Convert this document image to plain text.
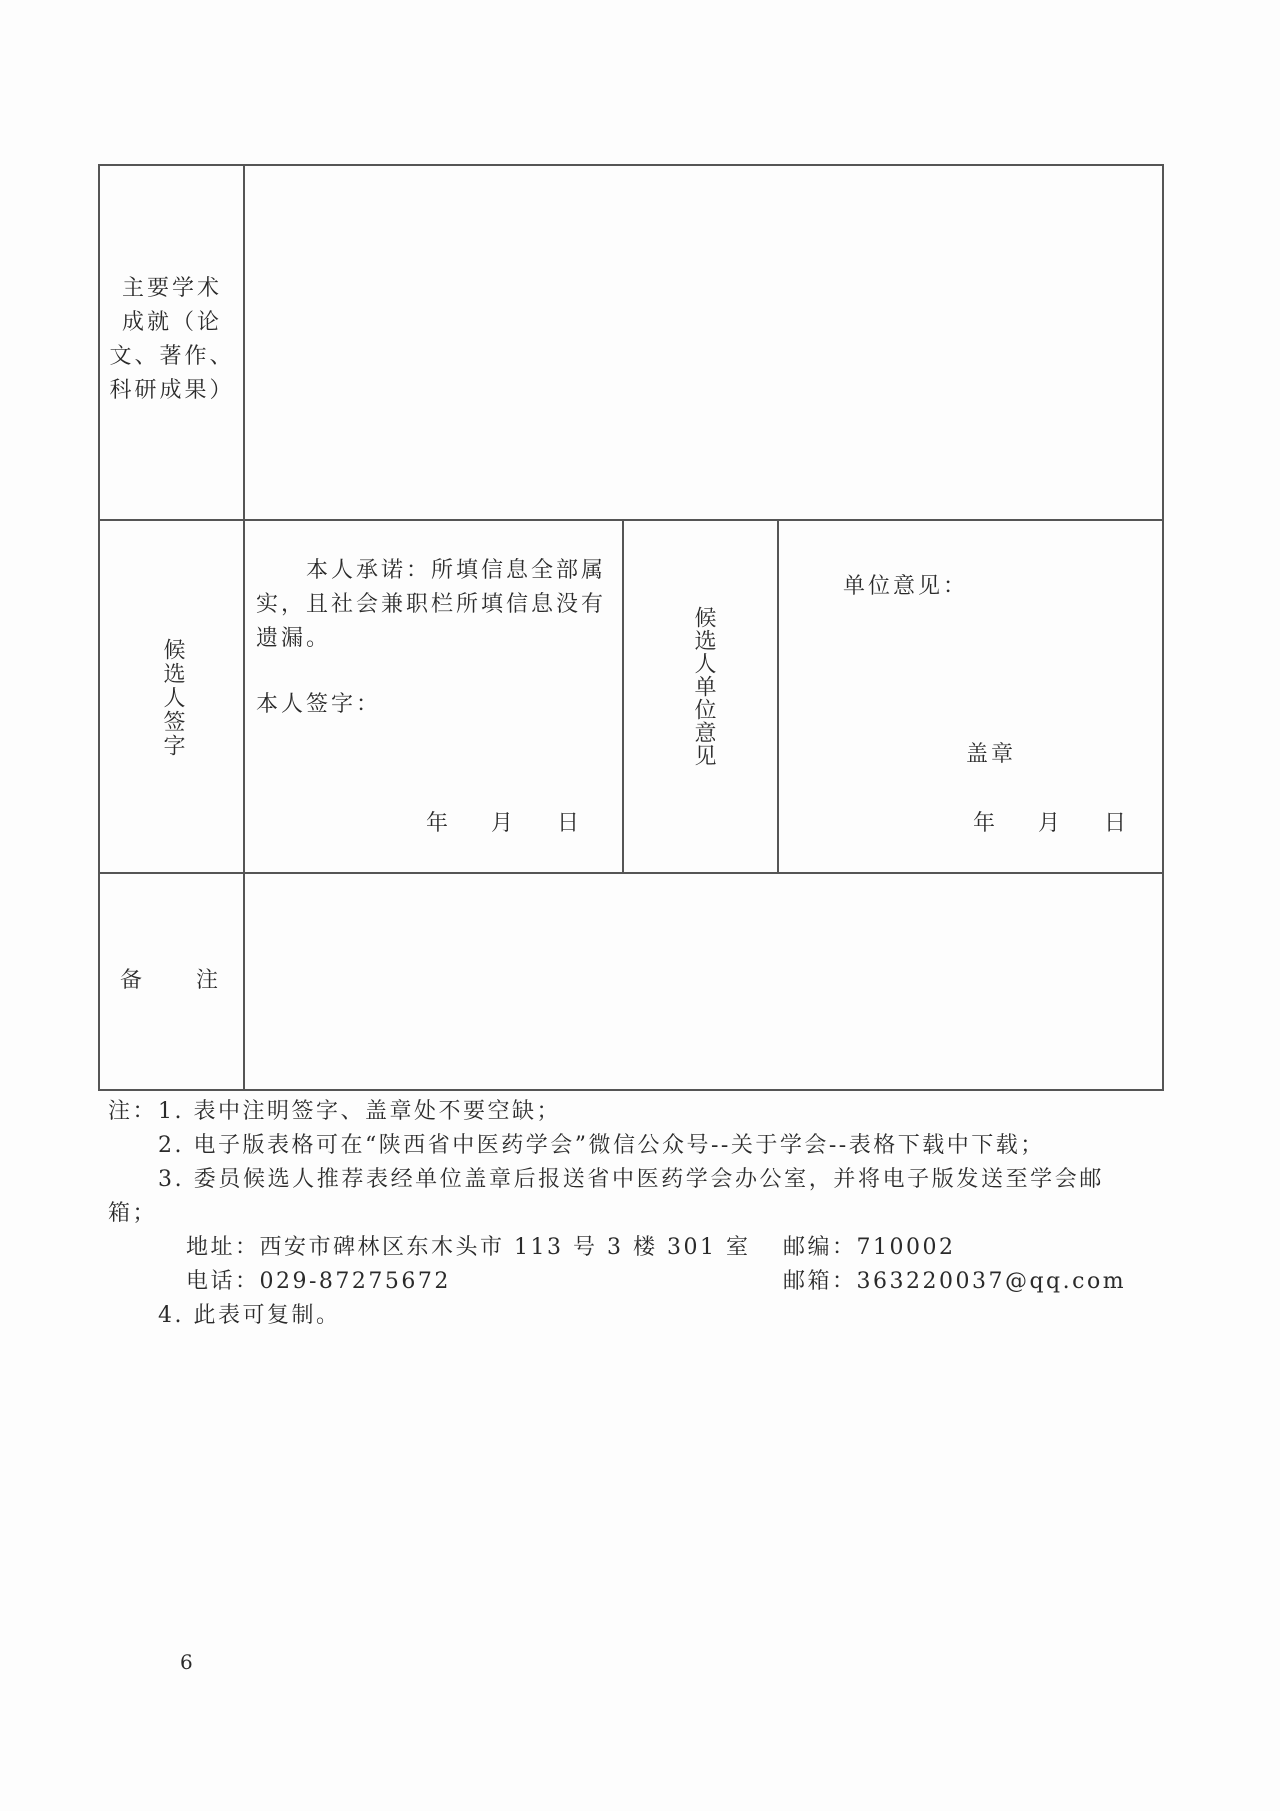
主要学术
成就（论
文、著作、
科研成果）
候选人签字
本人承诺：所填信息全部属
实，且社会兼职栏所填信息没有
遗漏。
本人签字：
年 月 日
候选人单位意见
单位意见：
盖章
年 月 日
备 注
注： 1. 表中注明签字、盖章处不要空缺；
2. 电子版表格可在“陕西省中医药学会”微信公众号--关于学会--表格下载中下载；
3. 委员候选人推荐表经单位盖章后报送省中医药学会办公室，并将电子版发送至学会邮
箱；
地址：西安市碑林区东木头市 113 号 3 楼 301 室 邮编：710002
电话：029-87275672	邮箱：363220037@qq.com
4. 此表可复制。
6
